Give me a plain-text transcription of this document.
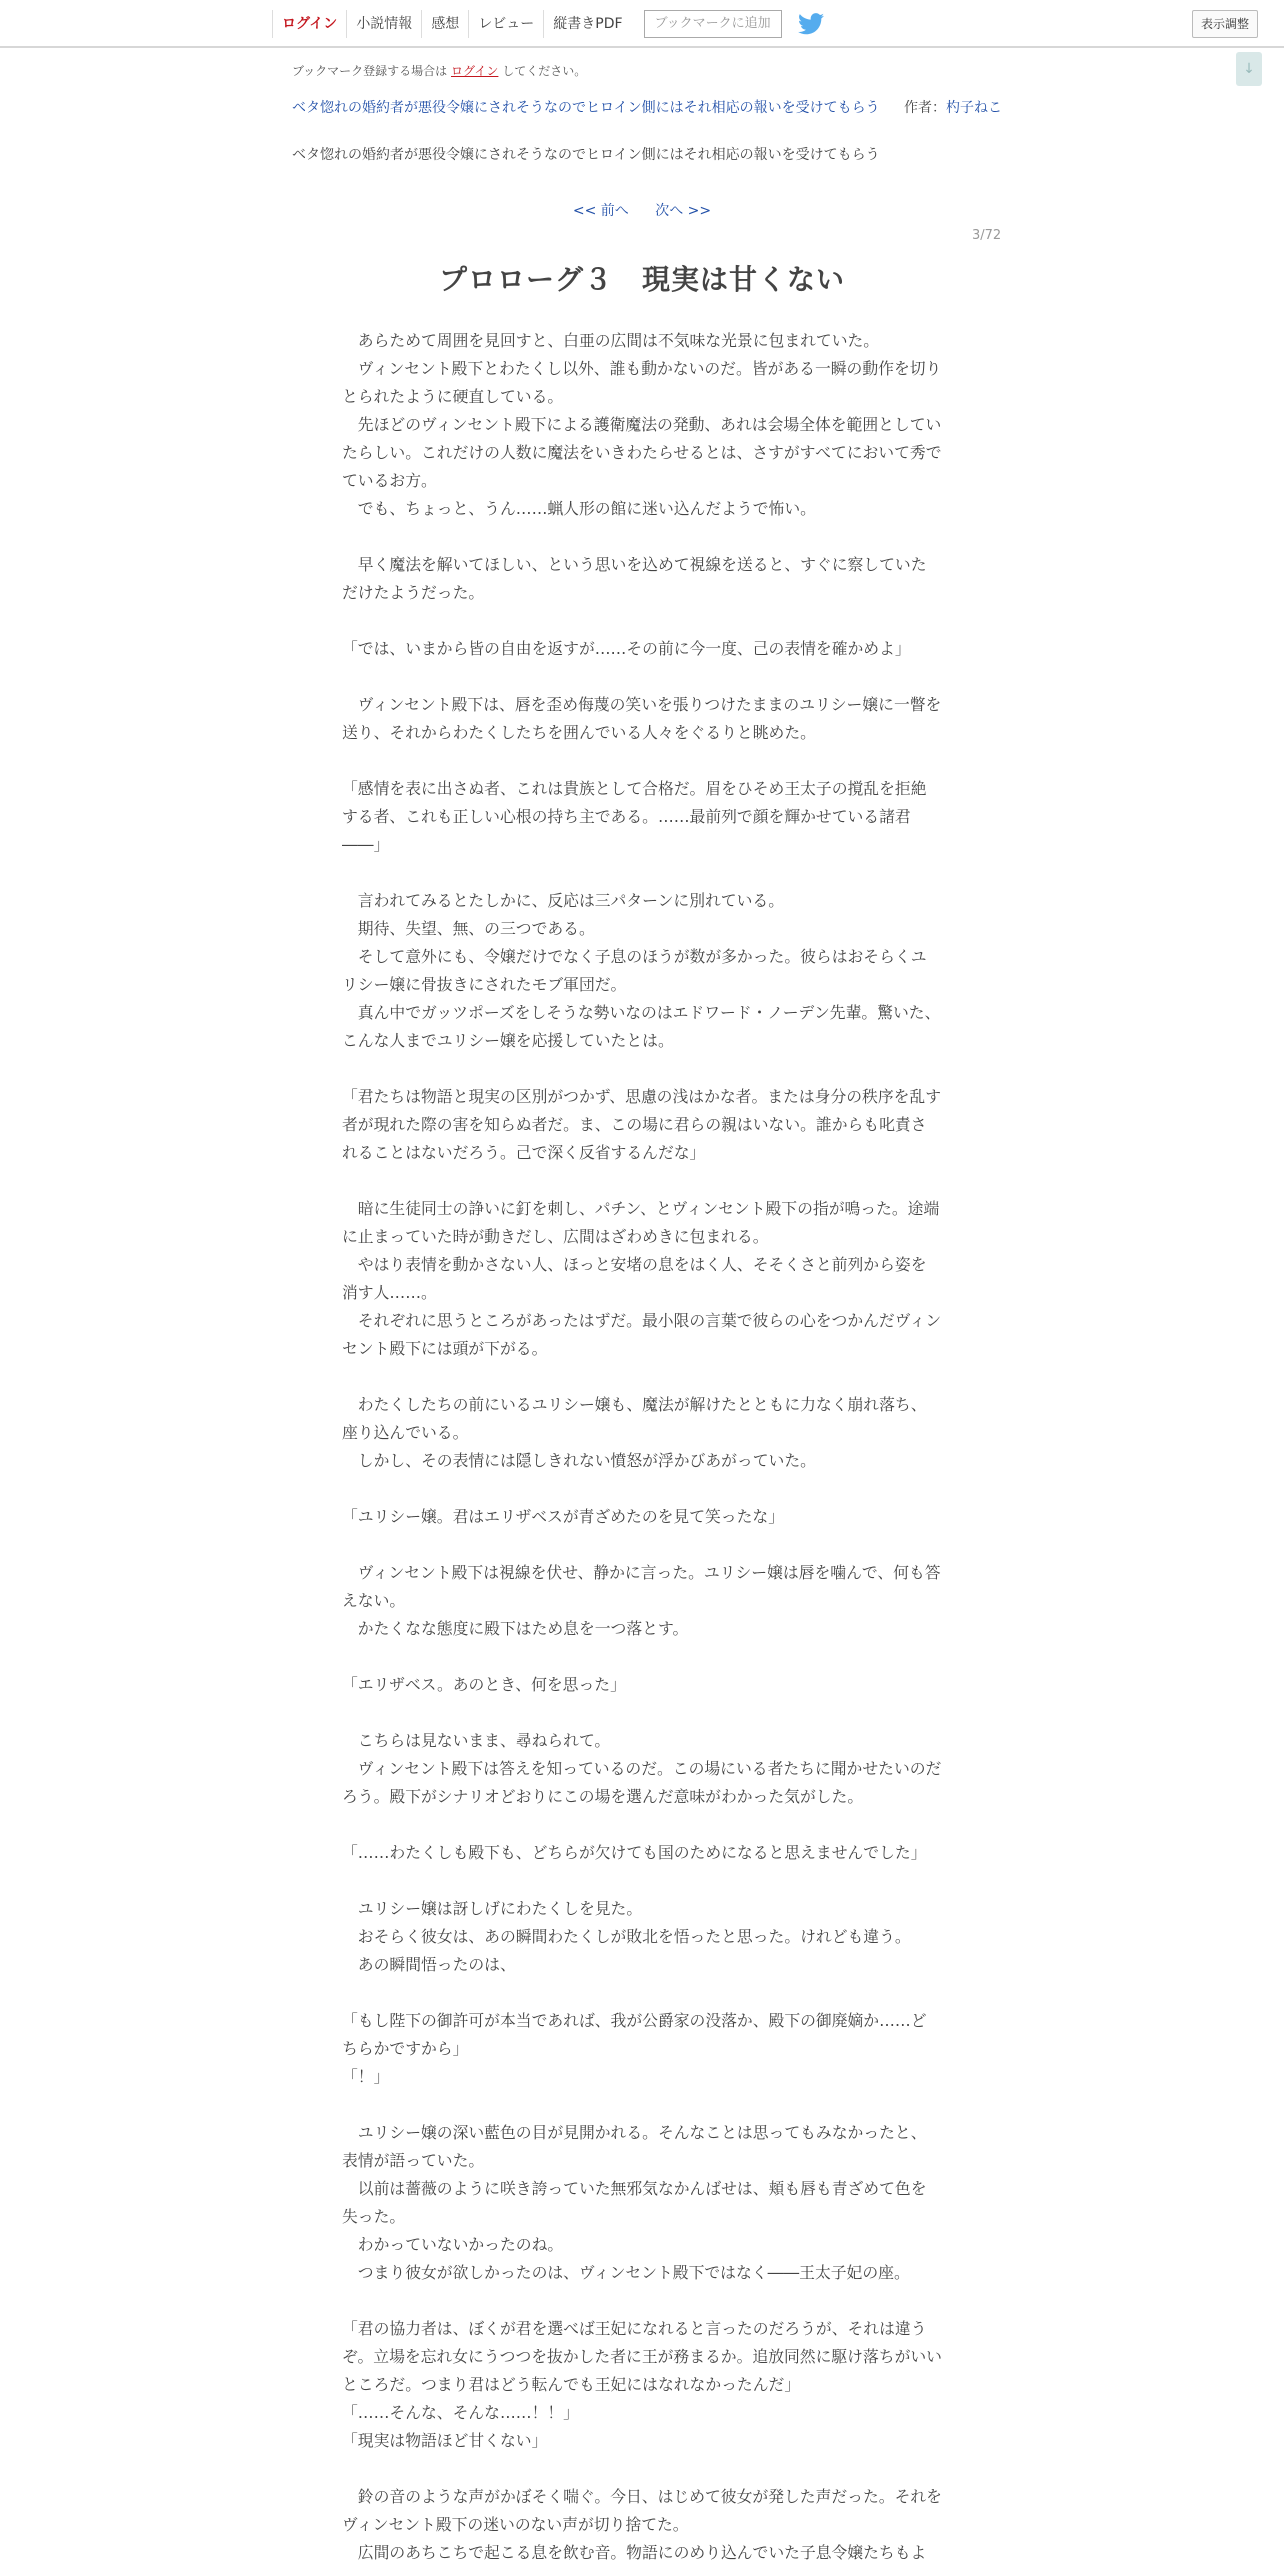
ログイン	小説情報	感想	レビュー	縦書きPDF	ブックマークに追加	表示調整
↓
ブックマーク登録する場合は ログイン してください。
ベタ惚れの婚約者が悪役令嬢にされそうなのでヒロイン側にはそれ相応の報いを受けてもらう	作者：杓子ねこ
ベタ惚れの婚約者が悪役令嬢にされそうなのでヒロイン側にはそれ相応の報いを受けてもらう
<< 前へ 次へ >>
3/72
プロローグ３　現実は甘くない

　あらためて周囲を見回すと、白亜の広間は不気味な光景に包まれていた。
　ヴィンセント殿下とわたくし以外、誰も動かないのだ。皆がある一瞬の動作を切りとられたように硬直している。
　先ほどのヴィンセント殿下による護衛魔法の発動、あれは会場全体を範囲としていたらしい。これだけの人数に魔法をいきわたらせるとは、さすがすべてにおいて秀でているお方。
　でも、ちょっと、うん……蝋人形の館に迷い込んだようで怖い。

　早く魔法を解いてほしい、という思いを込めて視線を送ると、すぐに察していただけたようだった。

「では、いまから皆の自由を返すが……その前に今一度、己の表情を確かめよ」

　ヴィンセント殿下は、唇を歪め侮蔑の笑いを張りつけたままのユリシー嬢に一瞥を送り、それからわたくしたちを囲んでいる人々をぐるりと眺めた。

「感情を表に出さぬ者、これは貴族として合格だ。眉をひそめ王太子の撹乱を拒絶する者、これも正しい心根の持ち主である。……最前列で顔を輝かせている諸君――」

　言われてみるとたしかに、反応は三パターンに別れている。
　期待、失望、無、の三つである。
　そして意外にも、令嬢だけでなく子息のほうが数が多かった。彼らはおそらくユリシー嬢に骨抜きにされたモブ軍団だ。
　真ん中でガッツポーズをしそうな勢いなのはエドワード・ノーデン先輩。驚いた、こんな人までユリシー嬢を応援していたとは。

「君たちは物語と現実の区別がつかず、思慮の浅はかな者。または身分の秩序を乱す者が現れた際の害を知らぬ者だ。ま、この場に君らの親はいない。誰からも叱責されることはないだろう。己で深く反省するんだな」

　暗に生徒同士の諍いに釘を刺し、パチン、とヴィンセント殿下の指が鳴った。途端に止まっていた時が動きだし、広間はざわめきに包まれる。
　やはり表情を動かさない人、ほっと安堵の息をはく人、そそくさと前列から姿を消す人……。
　それぞれに思うところがあったはずだ。最小限の言葉で彼らの心をつかんだヴィンセント殿下には頭が下がる。

　わたくしたちの前にいるユリシー嬢も、魔法が解けたとともに力なく崩れ落ち、座り込んでいる。
　しかし、その表情には隠しきれない憤怒が浮かびあがっていた。

「ユリシー嬢。君はエリザベスが青ざめたのを見て笑ったな」

　ヴィンセント殿下は視線を伏せ、静かに言った。ユリシー嬢は唇を噛んで、何も答えない。
　かたくなな態度に殿下はため息を一つ落とす。

「エリザベス。あのとき、何を思った」

　こちらは見ないまま、尋ねられて。
　ヴィンセント殿下は答えを知っているのだ。この場にいる者たちに聞かせたいのだろう。殿下がシナリオどおりにこの場を選んだ意味がわかった気がした。

「……わたくしも殿下も、どちらが欠けても国のためになると思えませんでした」

　ユリシー嬢は訝しげにわたくしを見た。
　おそらく彼女は、あの瞬間わたくしが敗北を悟ったと思った。けれども違う。
　あの瞬間悟ったのは、

「もし陛下の御許可が本当であれば、我が公爵家の没落か、殿下の御廃嫡か……どちらかですから」
「！」

　ユリシー嬢の深い藍色の目が見開かれる。そんなことは思ってもみなかったと、表情が語っていた。
　以前は薔薇のように咲き誇っていた無邪気なかんばせは、頬も唇も青ざめて色を失った。
　わかっていないかったのね。
　つまり彼女が欲しかったのは、ヴィンセント殿下ではなく――王太子妃の座。

「君の協力者は、ぼくが君を選べば王妃になれると言ったのだろうが、それは違うぞ。立場を忘れ女にうつつを抜かした者に王が務まるか。追放同然に駆け落ちがいいところだ。つまり君はどう転んでも王妃にはなれなかったんだ」
「……そんな、そんな……！！」
「現実は物語ほど甘くない」

　鈴の音のような声がかぼそく喘ぐ。今日、はじめて彼女が発した声だった。それをヴィンセント殿下の迷いのない声が切り捨てた。
　広間のあちこちで起こる息を飲む音。物語にのめり込んでいた子息令嬢たちもよ
